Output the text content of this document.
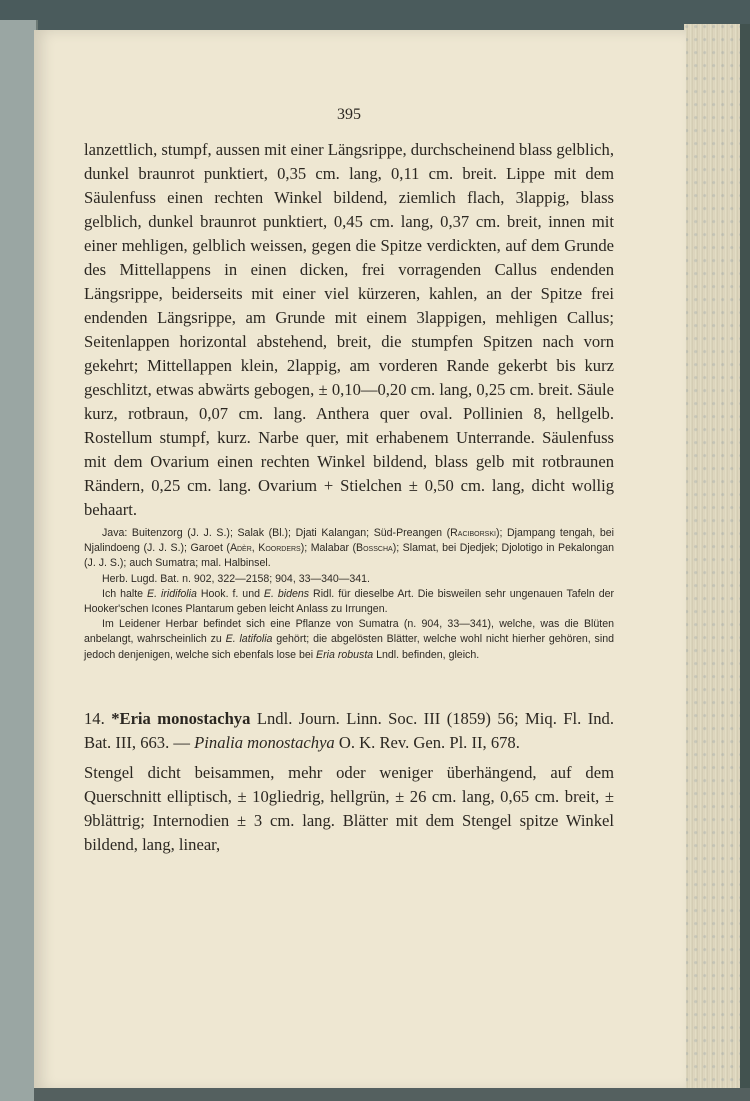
395

lanzettlich, stumpf, aussen mit einer Längsrippe, durchscheinend blass gelblich, dunkel braunrot punktiert, 0,35 cm. lang, 0,11 cm. breit. Lippe mit dem Säulenfuss einen rechten Winkel bildend, ziemlich flach, 3lappig, blass gelblich, dunkel braunrot punktiert, 0,45 cm. lang, 0,37 cm. breit, innen mit einer mehligen, gelblich weissen, gegen die Spitze verdickten, auf dem Grunde des Mittellappens in einen dicken, frei vorragenden Callus endenden Längsrippe, beiderseits mit einer viel kürzeren, kahlen, an der Spitze frei endenden Längsrippe, am Grunde mit einem 3lappigen, mehligen Callus; Seitenlappen horizontal abstehend, breit, die stumpfen Spitzen nach vorn gekehrt; Mittellappen klein, 2lappig, am vorderen Rande gekerbt bis kurz geschlitzt, etwas abwärts gebogen, ± 0,10—0,20 cm. lang, 0,25 cm. breit. Säule kurz, rotbraun, 0,07 cm. lang. Anthera quer oval. Pollinien 8, hellgelb. Rostellum stumpf, kurz. Narbe quer, mit erhabenem Unterrande. Säulenfuss mit dem Ovarium einen rechten Winkel bildend, blass gelb mit rotbraunen Rändern, 0,25 cm. lang. Ovarium + Stielchen ± 0,50 cm. lang, dicht wollig behaart.

Java: Buitenzorg (J. J. S.); Salak (Bl.); Djati Kalangan; Süd-Preangen (Raciborski); Djampang tengah, bei Njalindoeng (J. J. S.); Garoet (Adèr, Koorders); Malabar (Bosscha); Slamat, bei Djedjek; Djolotigo in Pekalongan (J. J. S.); auch Sumatra; mal. Halbinsel.

Herb. Lugd. Bat. n. 902, 322—2158; 904, 33—340—341.

Ich halte E. iridifolia Hook. f. und E. bidens Ridl. für dieselbe Art. Die bisweilen sehr ungenauen Tafeln der Hooker'schen Icones Plantarum geben leicht Anlass zu Irrungen.

Im Leidener Herbar befindet sich eine Pflanze von Sumatra (n. 904, 33—341), welche, was die Blüten anbelangt, wahrscheinlich zu E. latifolia gehört; die abgelösten Blätter, welche wohl nicht hierher gehören, sind jedoch denjenigen, welche sich ebenfals lose bei Eria robusta Lndl. befinden, gleich.

14. *Eria monostachya Lndl. Journ. Linn. Soc. III (1859) 56; Miq. Fl. Ind. Bat. III, 663. — Pinalia monostachya O. K. Rev. Gen. Pl. II, 678.

Stengel dicht beisammen, mehr oder weniger überhängend, auf dem Querschnitt elliptisch, ± 10gliedrig, hellgrün, ± 26 cm. lang, 0,65 cm. breit, ± 9blättrig; Internodien ± 3 cm. lang. Blätter mit dem Stengel spitze Winkel bildend, lang, linear,
